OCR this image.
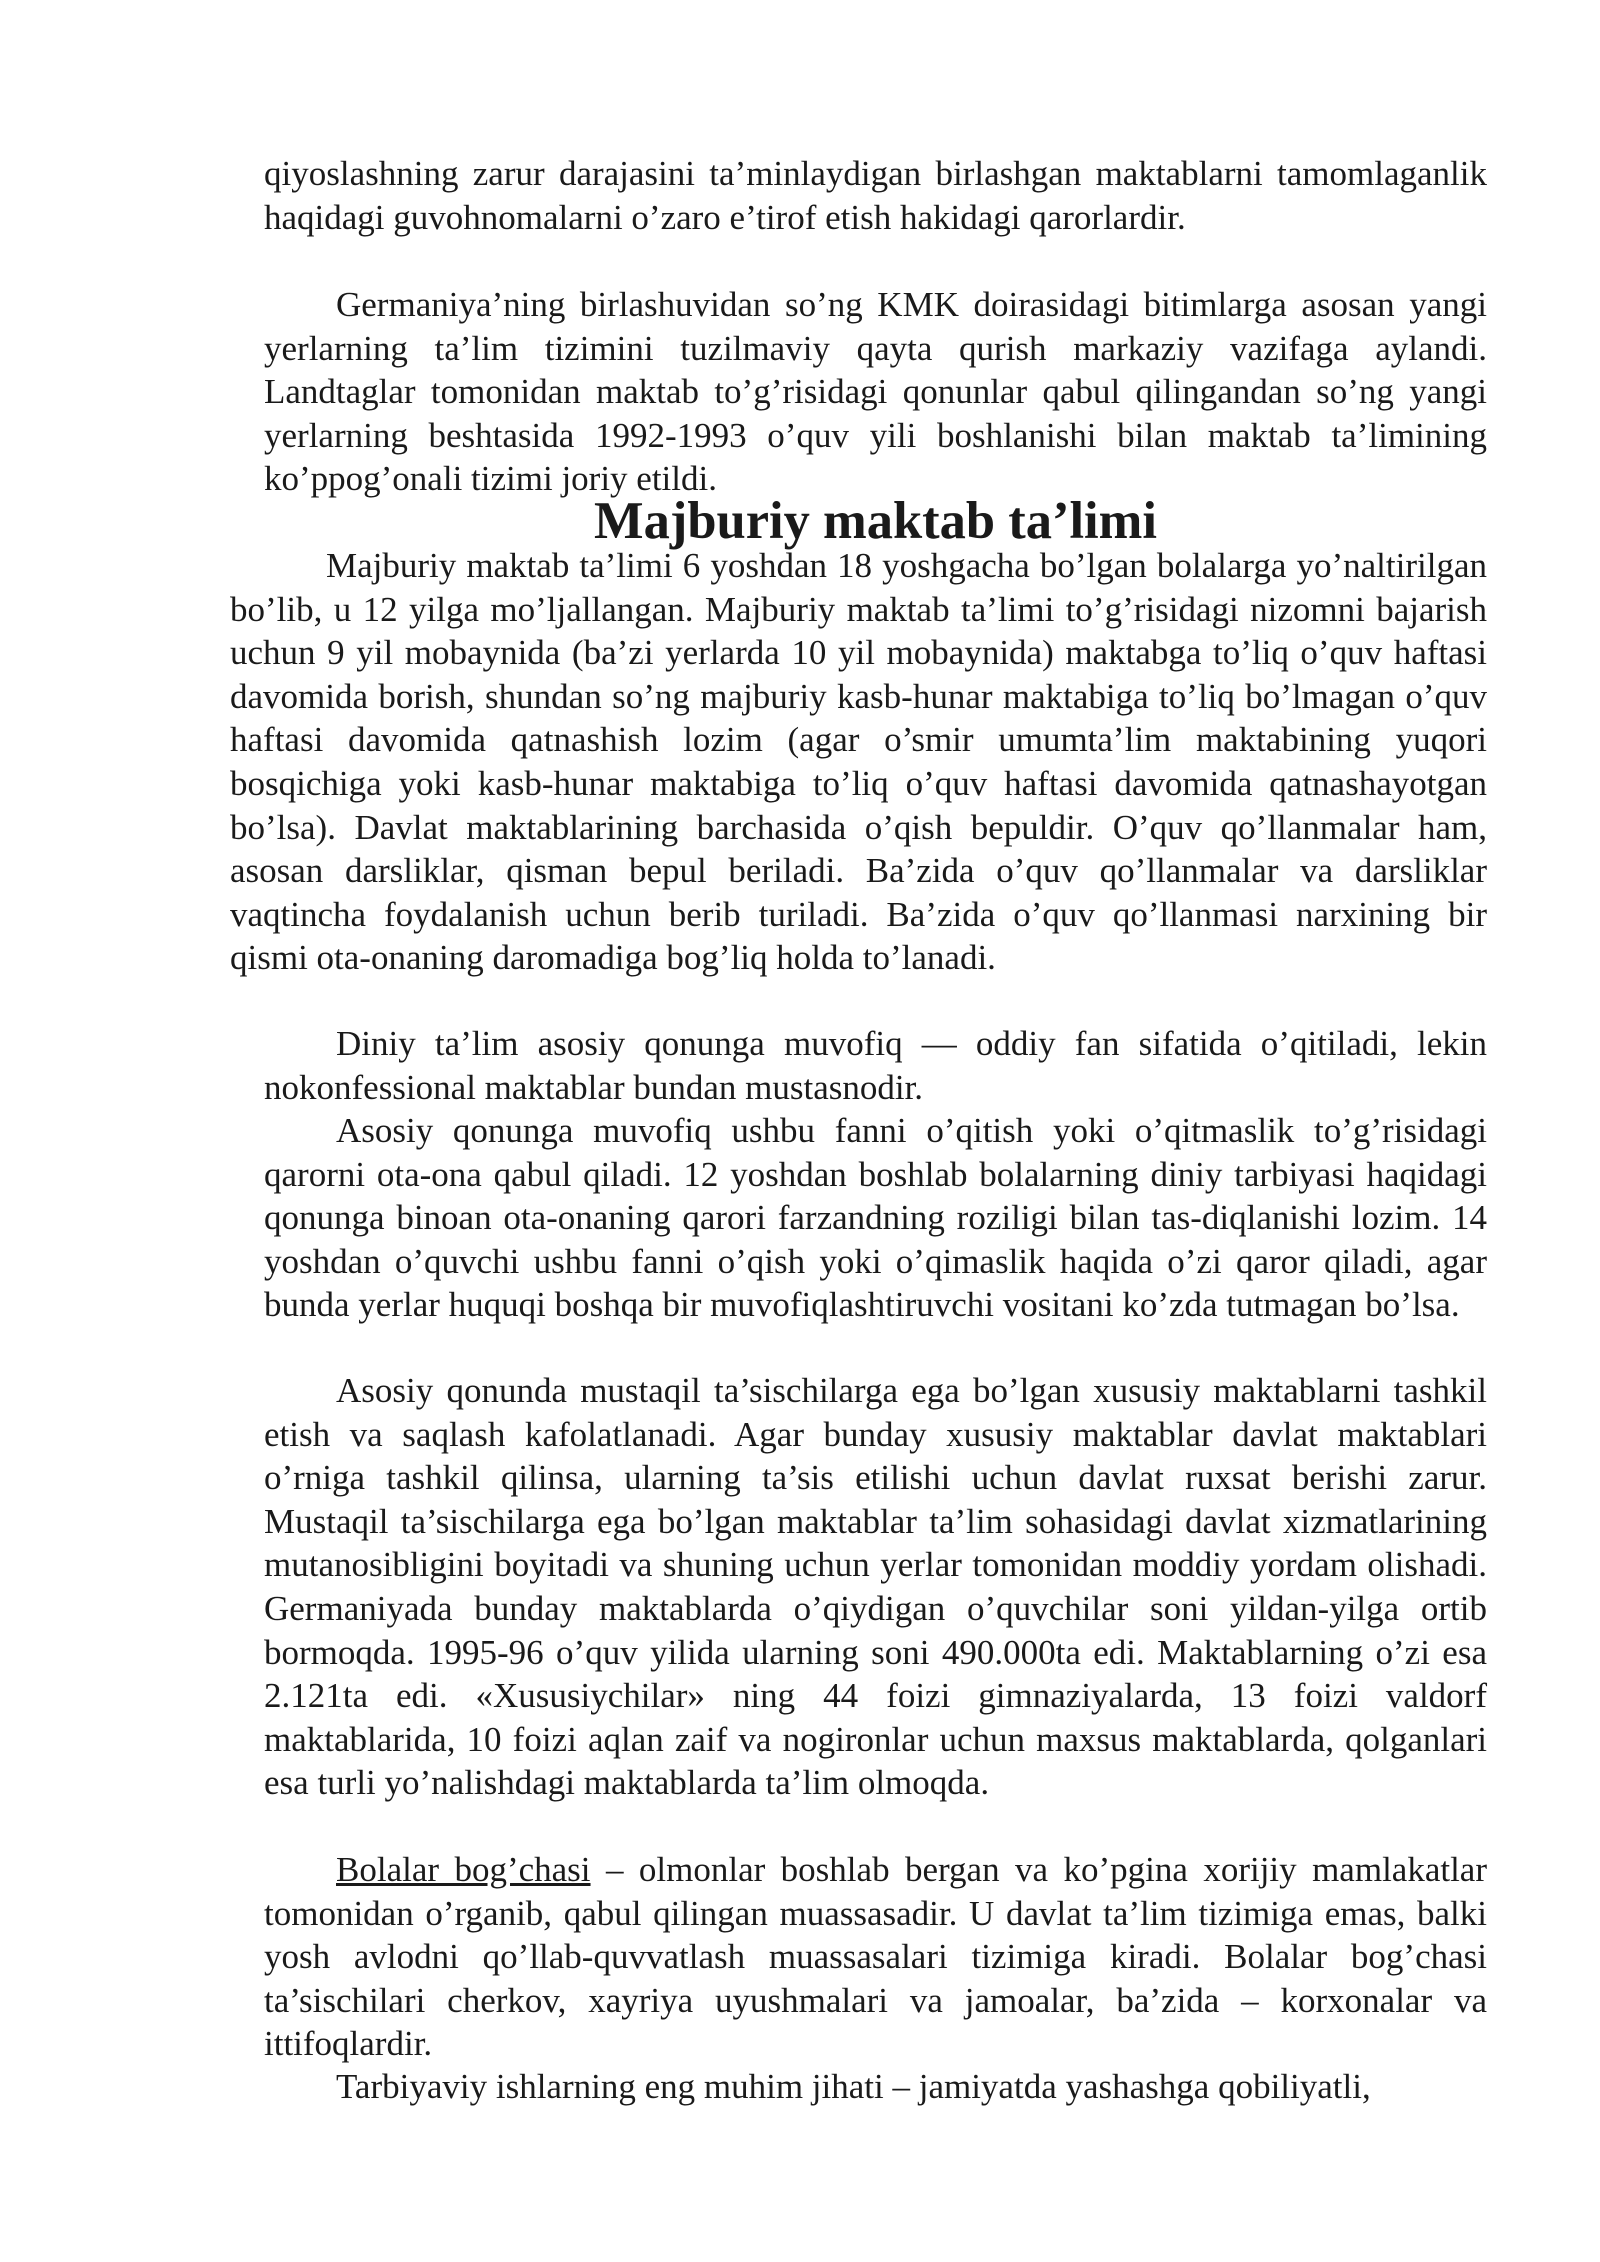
qiyoslashning zarur darajasini ta’minlaydigan birlashgan maktablarni tamomlaganlik haqidagi guvohnomalarni o’zaro e’tirof etish hakidagi qarorlardir.

Germaniya’ning birlashuvidan so’ng KMK doirasidagi bitimlarga asosan yangi yerlarning ta’lim tizimini tuzilmaviy qayta qurish markaziy vazifaga aylandi. Landtaglar tomonidan maktab to’g’risidagi qonunlar qabul qilingandan so’ng yangi yerlarning beshtasida 1992-1993 o’quv yili boshlanishi bilan maktab ta’limining ko’ppog’onali tizimi joriy etildi.

Majburiy maktab ta’limi

Majburiy maktab ta’limi 6 yoshdan 18 yoshgacha bo’lgan bolalarga yo’naltirilgan bo’lib, u 12 yilga mo’ljallangan. Majburiy maktab ta’limi to’g’risidagi nizomni bajarish uchun 9 yil mobaynida (ba’zi yerlarda 10 yil mobaynida) maktabga to’liq o’quv haftasi davomida borish, shundan so’ng majburiy kasb-hunar maktabiga to’liq bo’lmagan o’quv haftasi davomida qatnashish lozim (agar o’smir umumta’lim maktabining yuqori bosqichiga yoki kasb-hunar maktabiga to’liq o’quv haftasi davomida qatnashayotgan bo’lsa). Davlat maktablarining barchasida o’qish bepuldir. O’quv qo’llanmalar ham, asosan darsliklar, qisman bepul beriladi. Ba’zida o’quv qo’llanmalar va darsliklar vaqtincha foydalanish uchun berib turiladi. Ba’zida o’quv qo’llanmasi narxining bir qismi ota-onaning daromadiga bog’liq holda to’lanadi.

Diniy ta’lim asosiy qonunga muvofiq — oddiy fan sifatida o’qitiladi, lekin nokonfessional maktablar bundan mustasnodir.

Asosiy qonunga muvofiq ushbu fanni o’qitish yoki o’qitmaslik to’g’risidagi qarorni ota-ona qabul qiladi. 12 yoshdan boshlab bolalarning diniy tarbiyasi haqidagi qonunga binoan ota-onaning qarori farzandning roziligi bilan tas-diqlanishi lozim. 14 yoshdan o’quvchi ushbu fanni o’qish yoki o’qimaslik haqida o’zi qaror qiladi, agar bunda yerlar huquqi boshqa bir muvofiqlashtiruvchi vositani ko’zda tutmagan bo’lsa.

Asosiy qonunda mustaqil ta’sischilarga ega bo’lgan xususiy maktablarni tashkil etish va saqlash kafolatlanadi. Agar bunday xususiy maktablar davlat maktablari o’rniga tashkil qilinsa, ularning ta’sis etilishi uchun davlat ruxsat berishi zarur. Mustaqil ta’sischilarga ega bo’lgan maktablar ta’lim sohasidagi davlat xizmatlarining mutanosibligini boyitadi va shuning uchun yerlar tomonidan moddiy yordam olishadi. Germaniyada bunday maktablarda o’qiydigan o’quvchilar soni yildan-yilga ortib bormoqda. 1995-96 o’quv yilida ularning soni 490.000ta edi. Maktablarning o’zi esa 2.121ta edi. «Xususiychilar» ning 44 foizi gimnaziyalarda, 13 foizi valdorf maktablarida, 10 foizi aqlan zaif va nogironlar uchun maxsus maktablarda, qolganlari esa turli yo’nalishdagi maktablarda ta’lim olmoqda.

Bolalar bog’chasi – olmonlar boshlab bergan va ko’pgina xorijiy mamlakatlar tomonidan o’rganib, qabul qilingan muassasadir. U davlat ta’lim tizimiga emas, balki yosh avlodni qo’llab-quvvatlash muassasalari tizimiga kiradi. Bolalar bog’chasi ta’sischilari cherkov, xayriya uyushmalari va jamoalar, ba’zida – korxonalar va ittifoqlardir.

Tarbiyaviy ishlarning eng muhim jihati – jamiyatda yashashga qobiliyatli,
